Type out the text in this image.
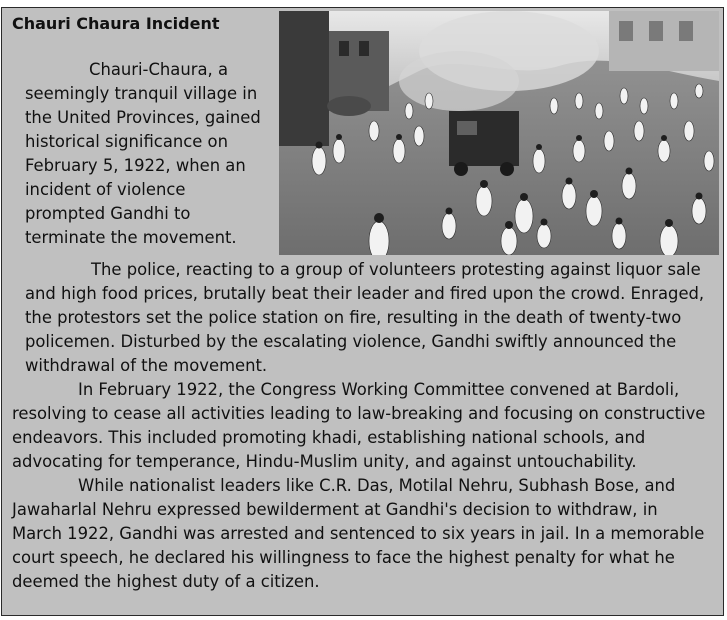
Chauri Chaura Incident

Chauri-Chaura, a seemingly tranquil village in the United Provinces, gained historical significance on February 5, 1922, when an incident of violence prompted Gandhi to terminate the movement.

The police, reacting to a group of volunteers protesting against liquor sale and high food prices, brutally beat their leader and fired upon the crowd. Enraged, the protestors set the police station on fire, resulting in the death of twenty-two policemen. Disturbed by the escalating violence, Gandhi swiftly announced the withdrawal of the movement.

In February 1922, the Congress Working Committee convened at Bardoli, resolving to cease all activities leading to law-breaking and focusing on constructive endeavors. This included promoting khadi, establishing national schools, and advocating for temperance, Hindu-Muslim unity, and against untouchability.

While nationalist leaders like C.R. Das, Motilal Nehru, Subhash Bose, and Jawaharlal Nehru expressed bewilderment at Gandhi's decision to withdraw, in March 1922, Gandhi was arrested and sentenced to six years in jail. In a memorable court speech, he declared his willingness to face the highest penalty for what he deemed the highest duty of a citizen.
